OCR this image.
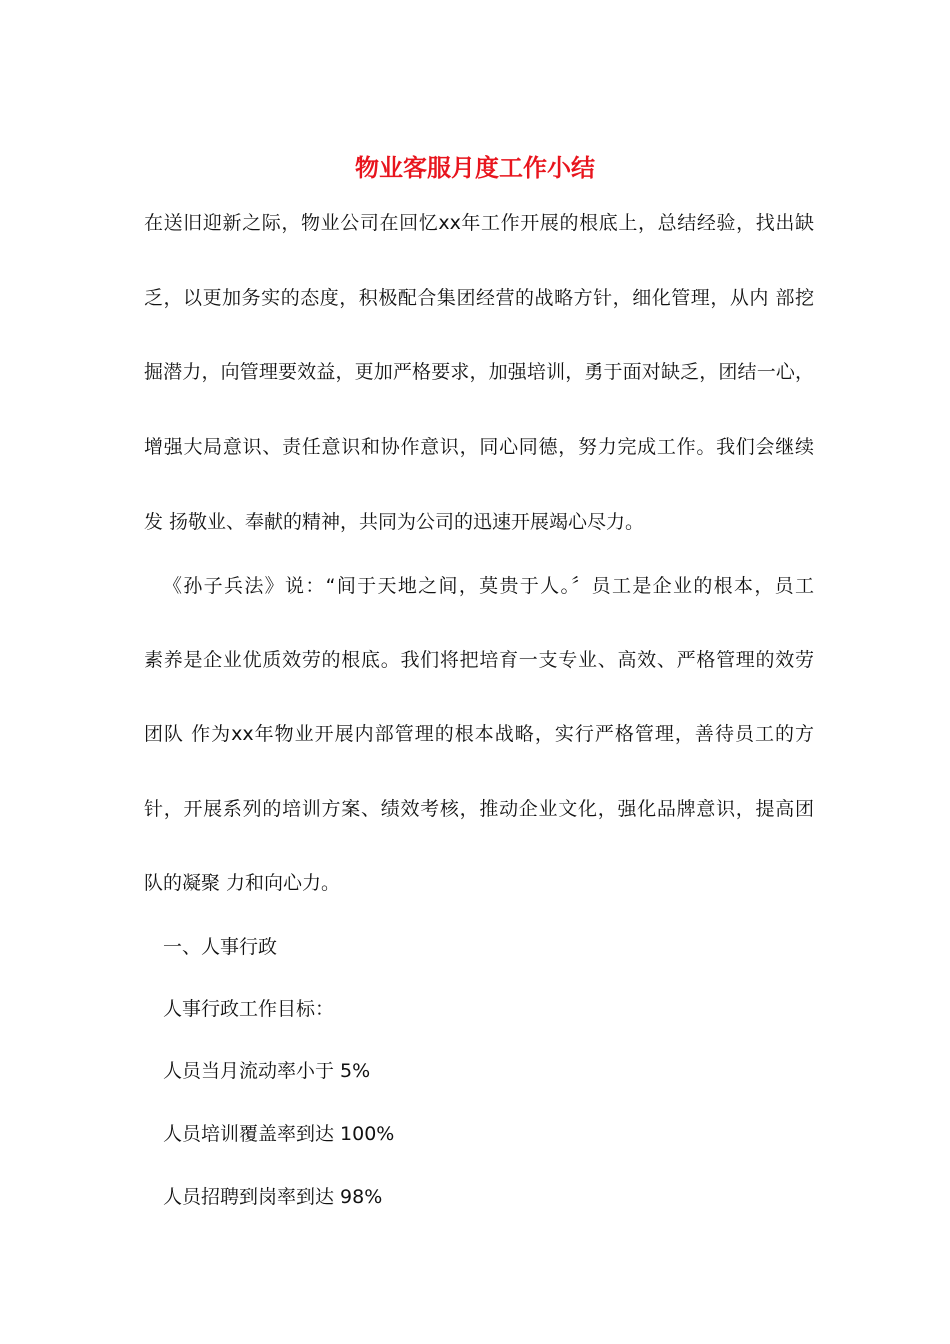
物业客服月度工作小结
在送旧迎新之际，物业公司在回忆xx年工作开展的根底上，总结经验，找出缺
乏，以更加务实的态度，积极配合集团经营的战略方针，细化管理，从内 部挖
掘潜力，向管理要效益，更加严格要求，加强培训，勇于面对缺乏，团结一心，
增强大局意识、责任意识和协作意识，同心同德，努力完成工作。我们会继续
发 扬敬业、奉献的精神，共同为公司的迅速开展竭心尽力。
《孙子兵法》说：“间于天地之间，莫贵于人。〞员工是企业的根本，员工
素养是企业优质效劳的根底。我们将把培育一支专业、高效、严格管理的效劳
团队 作为xx年物业开展内部管理的根本战略，实行严格管理，善待员工的方
针，开展系列的培训方案、绩效考核，推动企业文化，强化品牌意识，提高团
队的凝聚 力和向心力。
一、人事行政
人事行政工作目标：
人员当月流动率小于 5%
人员培训覆盖率到达 100%
人员招聘到岗率到达 98%
